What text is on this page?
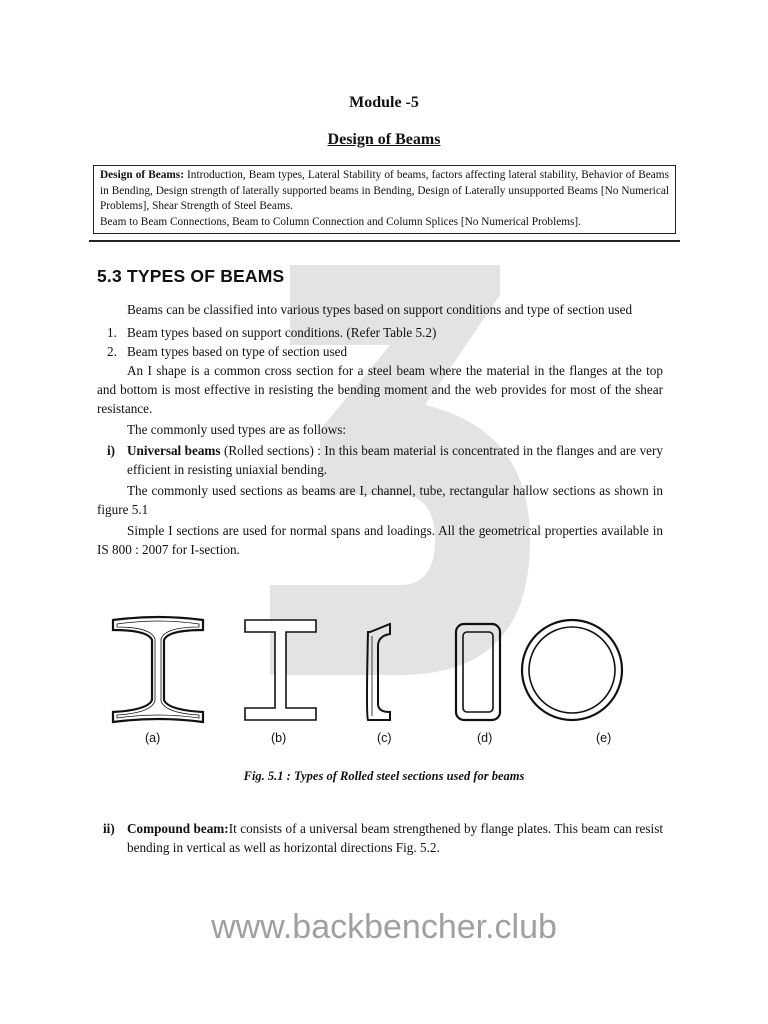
Module -5
Design of Beams

Design of Beams: Introduction, Beam types, Lateral Stability of beams, factors affecting lateral stability, Behavior of Beams in Bending, Design strength of laterally supported beams in Bending, Design of Laterally unsupported Beams [No Numerical Problems], Shear Strength of Steel Beams.

Beam to Beam Connections, Beam to Column Connection and Column Splices [No Numerical Problems].

5.3 TYPES OF BEAMS

Beams can be classified into various types based on support conditions and type of section used

1. Beam types based on support conditions. (Refer Table 5.2)
2. Beam types based on type of section used

An I shape is a common cross section for a steel beam where the material in the flanges at the top and bottom is most effective in resisting the bending moment and the web provides for most of the shear resistance.

The commonly used types are as follows:

i) Universal beams (Rolled sections) : In this beam material is concentrated in the flanges and are very efficient in resisting uniaxial bending.

The commonly used sections as beams are I, channel, tube, rectangular hallow sections as shown in figure 5.1

Simple I sections are used for normal spans and loadings. All the geometrical properties available in IS 800 : 2007 for I-section.

(a)	(b)	(c)	(d)	(e)
Fig. 5.1 : Types of Rolled steel sections used for beams
ii) Compound beam:It consists of a universal beam strengthened by flange plates. This beam can resist bending in vertical as well as horizontal directions Fig. 5.2.
www.backbencher.club
